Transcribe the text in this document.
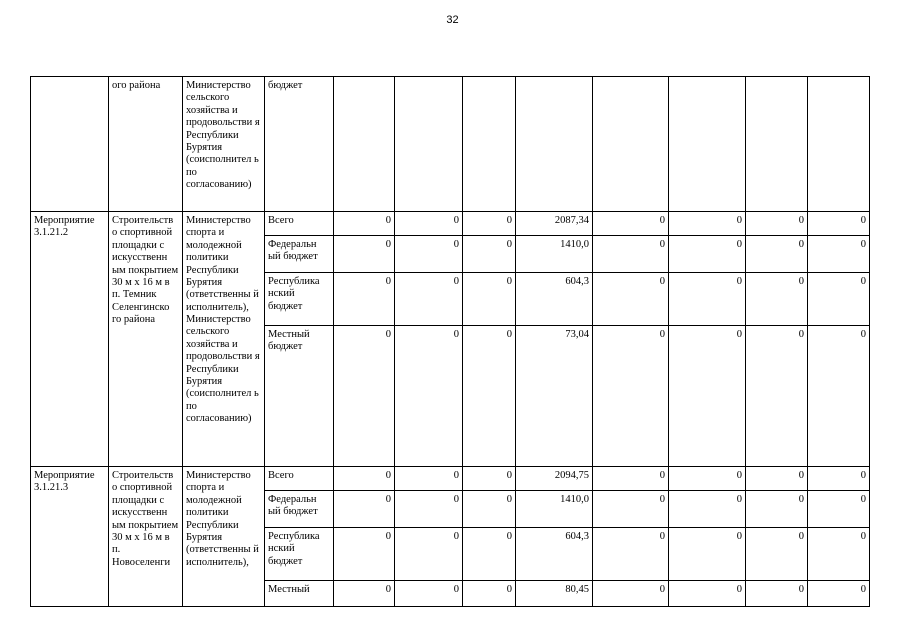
32
	ого района	Министерство сельского хозяйства и продовольстви я Республики Бурятия (соисполнител ь по согласованию)	бюджет								
Мероприятие 3.1.21.2	Строительств о спортивной площадки с искусственн ым покрытием 30 м х 16 м в п. Темник Селенгинско го района	Министерство спорта и молодежной политики Республики Бурятия (ответственны й исполнитель), Министерство сельского хозяйства и продовольстви я Республики Бурятия (соисполнител ь по согласованию)	Всего	0	0	0	2087,34	0	0	0	0
			Федеральн ый бюджет	0	0	0	1410,0	0	0	0	0
			Республика нский бюджет	0	0	0	604,3	0	0	0	0
			Местный бюджет	0	0	0	73,04	0	0	0	0
Мероприятие 3.1.21.3	Строительств о спортивной площадки с искусственн ым покрытием 30 м х 16 м в п. Новоселенги	Министерство спорта и молодежной политики Республики Бурятия (ответственны й исполнитель),	Всего	0	0	0	2094,75	0	0	0	0
			Федеральн ый бюджет	0	0	0	1410,0	0	0	0	0
			Республика нский бюджет	0	0	0	604,3	0	0	0	0
			Местный	0	0	0	80,45	0	0	0	0
